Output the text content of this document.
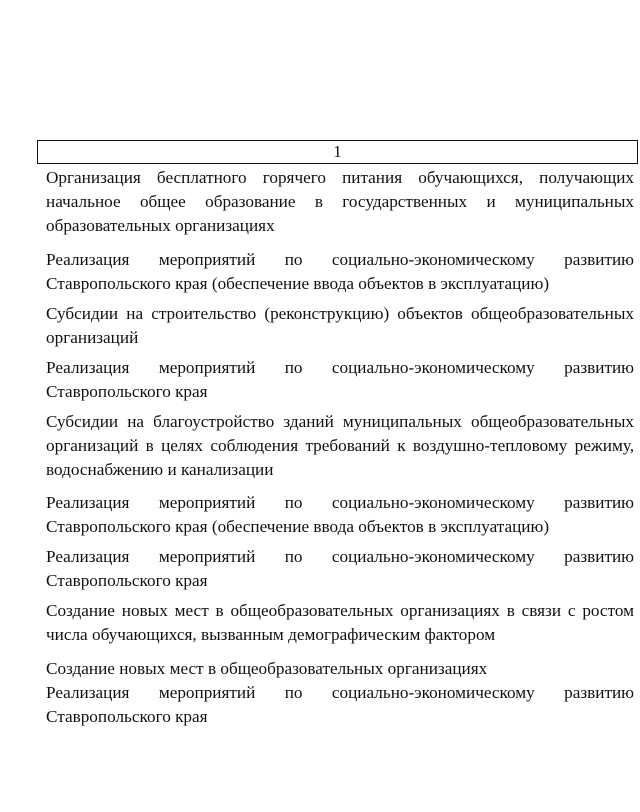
1

Организация бесплатного горячего питания обучающихся, получающих начальное общее образование в государственных и муниципальных образовательных организациях

Реализация мероприятий по социально-экономическому развитию Ставропольского края (обеспечение ввода объектов в эксплуатацию)

Субсидии на строительство (реконструкцию) объектов общеобразовательных организаций

Реализация мероприятий по социально-экономическому развитию Ставропольского края

Субсидии на благоустройство зданий муниципальных общеобразовательных организаций в целях соблюдения требований к воздушно-тепловому режиму, водоснабжению и канализации

Реализация мероприятий по социально-экономическому развитию Ставропольского края (обеспечение ввода объектов в эксплуатацию)

Реализация мероприятий по социально-экономическому развитию Ставропольского края

Создание новых мест в общеобразовательных организациях в связи с ростом числа обучающихся, вызванным демографическим фактором

Создание новых мест в общеобразовательных организациях

Реализация мероприятий по социально-экономическому развитию Ставропольского края
